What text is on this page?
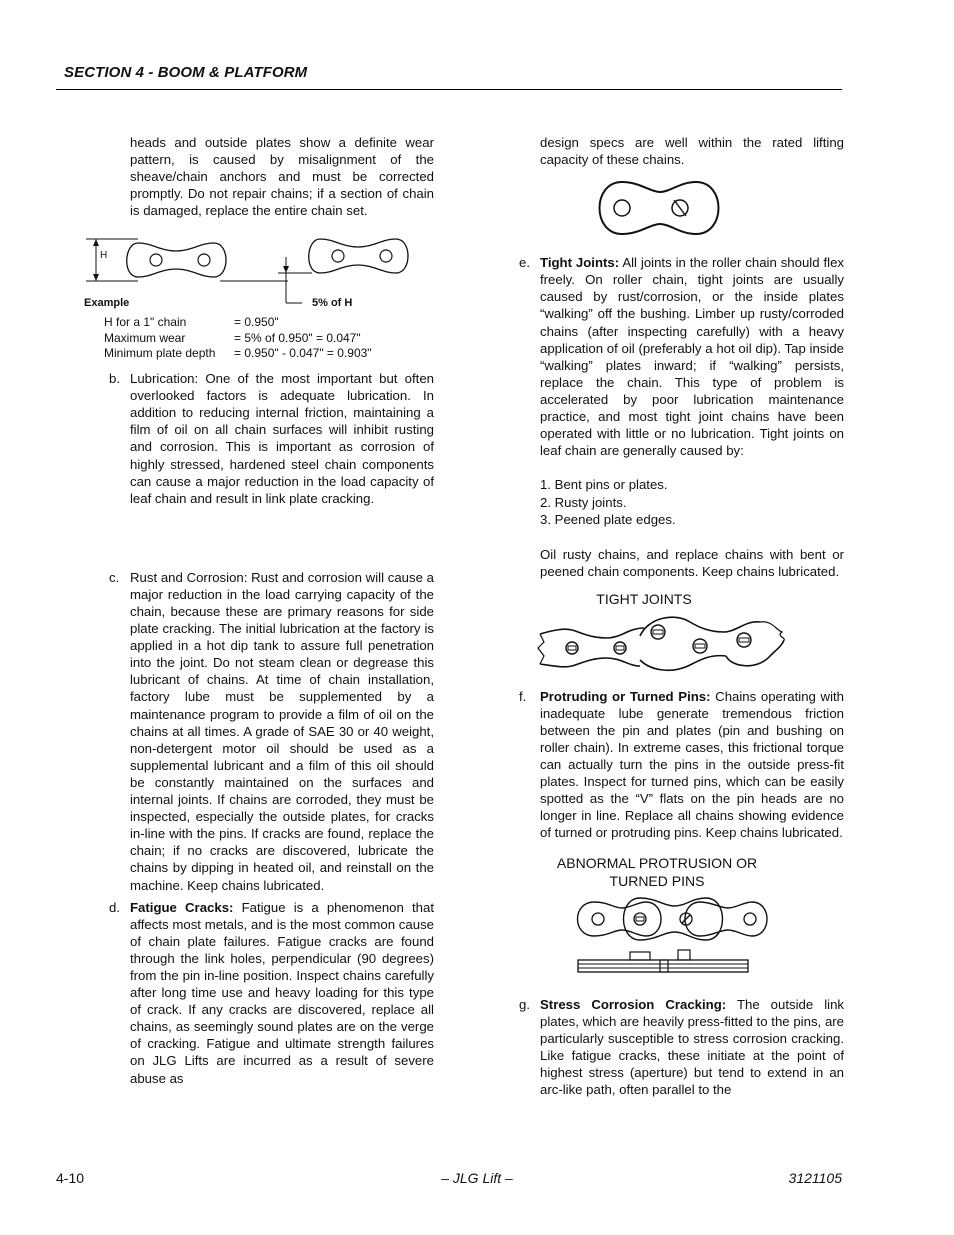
SECTION 4 - BOOM & PLATFORM

heads and outside plates show a definite wear pattern, is caused by misalignment of the sheave/chain anchors and must be corrected promptly. Do not repair chains; if a section of chain is damaged, replace the entire chain set.

H
Example	5% of H
H for a 1" chain	= 0.950"
Maximum wear	= 5% of 0.950" = 0.047"
Minimum plate depth	= 0.950" - 0.047" = 0.903"
b. Lubrication: One of the most important but often overlooked factors is adequate lubrication. In addition to reducing internal friction, maintaining a film of oil on all chain surfaces will inhibit rusting and corrosion. This is important as corrosion of highly stressed, hardened steel chain components can cause a major reduction in the load capacity of leaf chain and result in link plate cracking.

c. Rust and Corrosion: Rust and corrosion will cause a major reduction in the load carrying capacity of the chain, because these are primary reasons for side plate cracking. The initial lubrication at the factory is applied in a hot dip tank to assure full penetration into the joint. Do not steam clean or degrease this lubricant of chains. At time of chain installation, factory lube must be supplemented by a maintenance program to provide a film of oil on the chains at all times. A grade of SAE 30 or 40 weight, non-detergent motor oil should be used as a supplemental lubricant and a film of this oil should be constantly maintained on the surfaces and internal joints. If chains are corroded, they must be inspected, especially the outside plates, for cracks in-line with the pins. If cracks are found, replace the chain; if no cracks are discovered, lubricate the chains by dipping in heated oil, and reinstall on the machine. Keep chains lubricated.

d. Fatigue Cracks: Fatigue is a phenomenon that affects most metals, and is the most common cause of chain plate failures. Fatigue cracks are found through the link holes, perpendicular (90 degrees) from the pin in-line position. Inspect chains carefully after long time use and heavy loading for this type of crack. If any cracks are discovered, replace all chains, as seemingly sound plates are on the verge of cracking. Fatigue and ultimate strength failures on JLG Lifts are incurred as a result of severe abuse as

design specs are well within the rated lifting capacity of these chains.

e. Tight Joints: All joints in the roller chain should flex freely. On roller chain, tight joints are usually caused by rust/corrosion, or the inside plates “walking” off the bushing. Limber up rusty/corroded chains (after inspecting carefully) with a heavy application of oil (preferably a hot oil dip). Tap inside “walking” plates inward; if “walking” persists, replace the chain. This type of problem is accelerated by poor lubrication maintenance practice, and most tight joint chains have been operated with little or no lubrication. Tight joints on leaf chain are generally caused by:

1. Bent pins or plates.

2. Rusty joints.

3. Peened plate edges.

Oil rusty chains, and replace chains with bent or peened chain components. Keep chains lubricated.

TIGHT JOINTS
f. Protruding or Turned Pins: Chains operating with inadequate lube generate tremendous friction between the pin and plates (pin and bushing on roller chain). In extreme cases, this frictional torque can actually turn the pins in the outside press-fit plates. Inspect for turned pins, which can be easily spotted as the “V” flats on the pin heads are no longer in line. Replace all chains showing evidence of turned or protruding pins. Keep chains lubricated.

ABNORMAL PROTRUSION OR
TURNED PINS
g. Stress Corrosion Cracking: The outside link plates, which are heavily press-fitted to the pins, are particularly susceptible to stress corrosion cracking. Like fatigue cracks, these initiate at the point of highest stress (aperture) but tend to extend in an arc-like path, often parallel to the

4-10	– JLG Lift –	3121105
